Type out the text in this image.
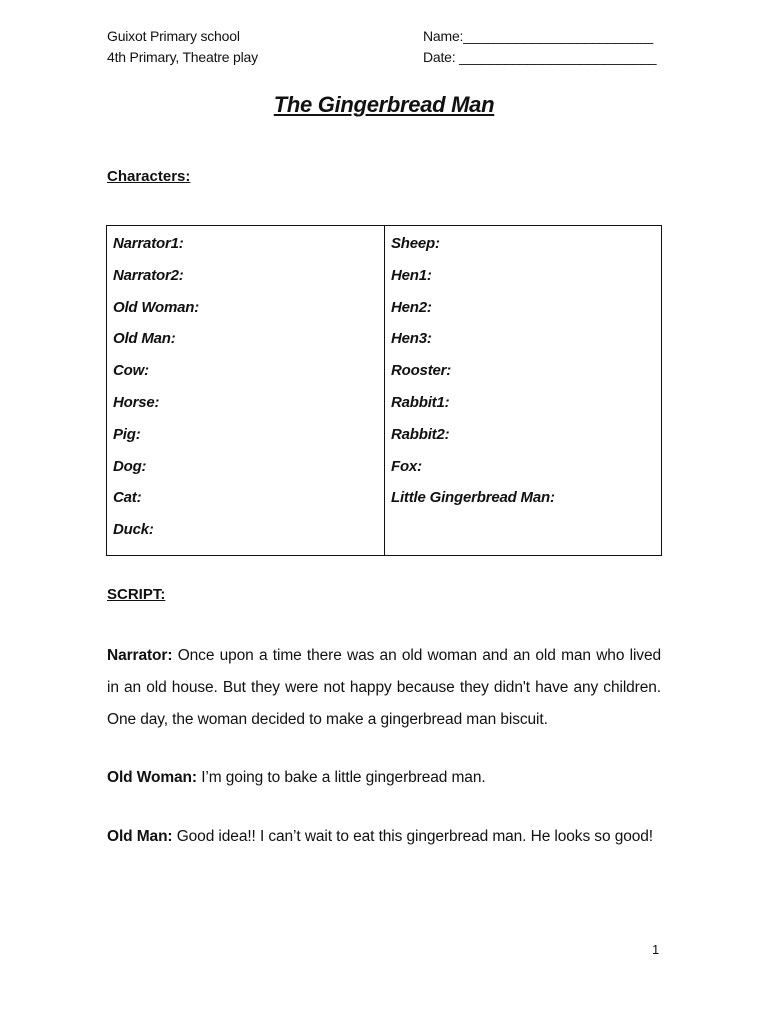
Guixot Primary school
4th Primary, Theatre play
Name:_________________________
Date: __________________________
The Gingerbread Man
Characters:
Narrator1:
Narrator2:
Old Woman:
Old Man:
Cow:
Horse:
Pig:
Dog:
Cat:
Duck:
Sheep:
Hen1:
Hen2:
Hen3:
Rooster:
Rabbit1:
Rabbit2:
Fox:
Little Gingerbread Man:
SCRIPT:
Narrator: Once upon a time there was an old woman and an old man who lived in an old house. But they were not happy because they didn't have any children. One day, the woman decided to make a gingerbread man biscuit.
Old Woman: I’m going to bake a little gingerbread man.
Old Man: Good idea!! I can’t wait to eat this gingerbread man. He looks so good!
1
